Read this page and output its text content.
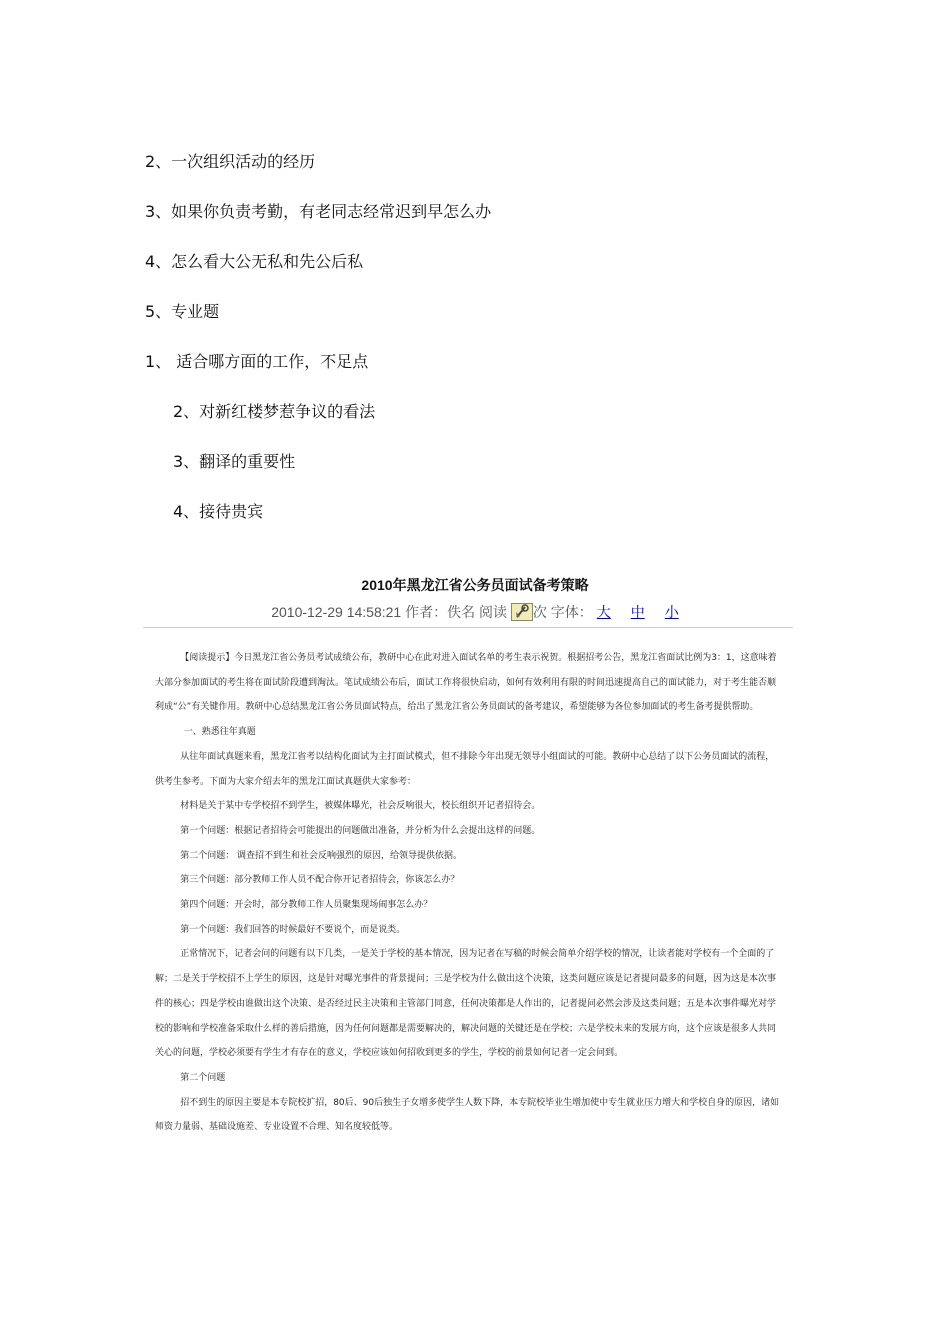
2、一次组织活动的经历

3、如果你负责考勤，有老同志经常迟到早怎么办

4、怎么看大公无私和先公后私

5、专业题

1、 适合哪方面的工作，不足点

2、对新红楼梦惹争议的看法

3、翻译的重要性

4、接待贵宾

2010年黑龙江省公务员面试备考策略
2010-12-29 14:58:21 作者：佚名 阅读 次 字体： 大 中 小

【阅读提示】今日黑龙江省公务员考试成绩公布，教研中心在此对进入面试名单的考生表示祝贺。根据招考公告，黑龙江省面试比例为3：1，这意味着大部分参加面试的考生将在面试阶段遭到淘汰。笔试成绩公布后，面试工作将很快启动，如何有效利用有限的时间迅速提高自己的面试能力，对于考生能否顺利成“公”有关键作用。教研中心总结黑龙江省公务员面试特点，给出了黑龙江省公务员面试的备考建议，希望能够为各位参加面试的考生备考提供帮助。

一、熟悉往年真题

从往年面试真题来看，黑龙江省考以结构化面试为主打面试模式，但不排除今年出现无领导小组面试的可能。教研中心总结了以下公务员面试的流程，供考生参考。下面为大家介绍去年的黑龙江面试真题供大家参考：

材料是关于某中专学校招不到学生，被媒体曝光，社会反响很大，校长组织开记者招待会。

第一个问题：根据记者招待会可能提出的问题做出准备，并分析为什么会提出这样的问题。

第二个问题： 调查招不到生和社会反响强烈的原因，给领导提供依据。

第三个问题：部分教师工作人员不配合你开记者招待会，你该怎么办？

第四个问题：开会时，部分教师工作人员聚集现场闹事怎么办？

第一个问题：我们回答的时候最好不要说个，而是说类。

正常情况下，记者会问的问题有以下几类，一是关于学校的基本情况，因为记者在写稿的时候会简单介绍学校的情况，让读者能对学校有一个全面的了解；二是关于学校招不上学生的原因，这是针对曝光事件的背景提问；三是学校为什么做出这个决策，这类问题应该是记者提问最多的问题，因为这是本次事件的核心；四是学校由谁做出这个决策、是否经过民主决策和主管部门同意，任何决策都是人作出的，记者提问必然会涉及这类问题；五是本次事件曝光对学校的影响和学校准备采取什么样的善后措施，因为任何问题都是需要解决的，解决问题的关键还是在学校；六是学校未来的发展方向，这个应该是很多人共同关心的问题，学校必须要有学生才有存在的意义，学校应该如何招收到更多的学生，学校的前景如何记者一定会问到。

第二个问题

招不到生的原因主要是本专院校扩招，80后、90后独生子女增多使学生人数下降，本专院校毕业生增加使中专生就业压力增大和学校自身的原因，诸如师资力量弱、基础设施差、专业设置不合理、知名度较低等。
